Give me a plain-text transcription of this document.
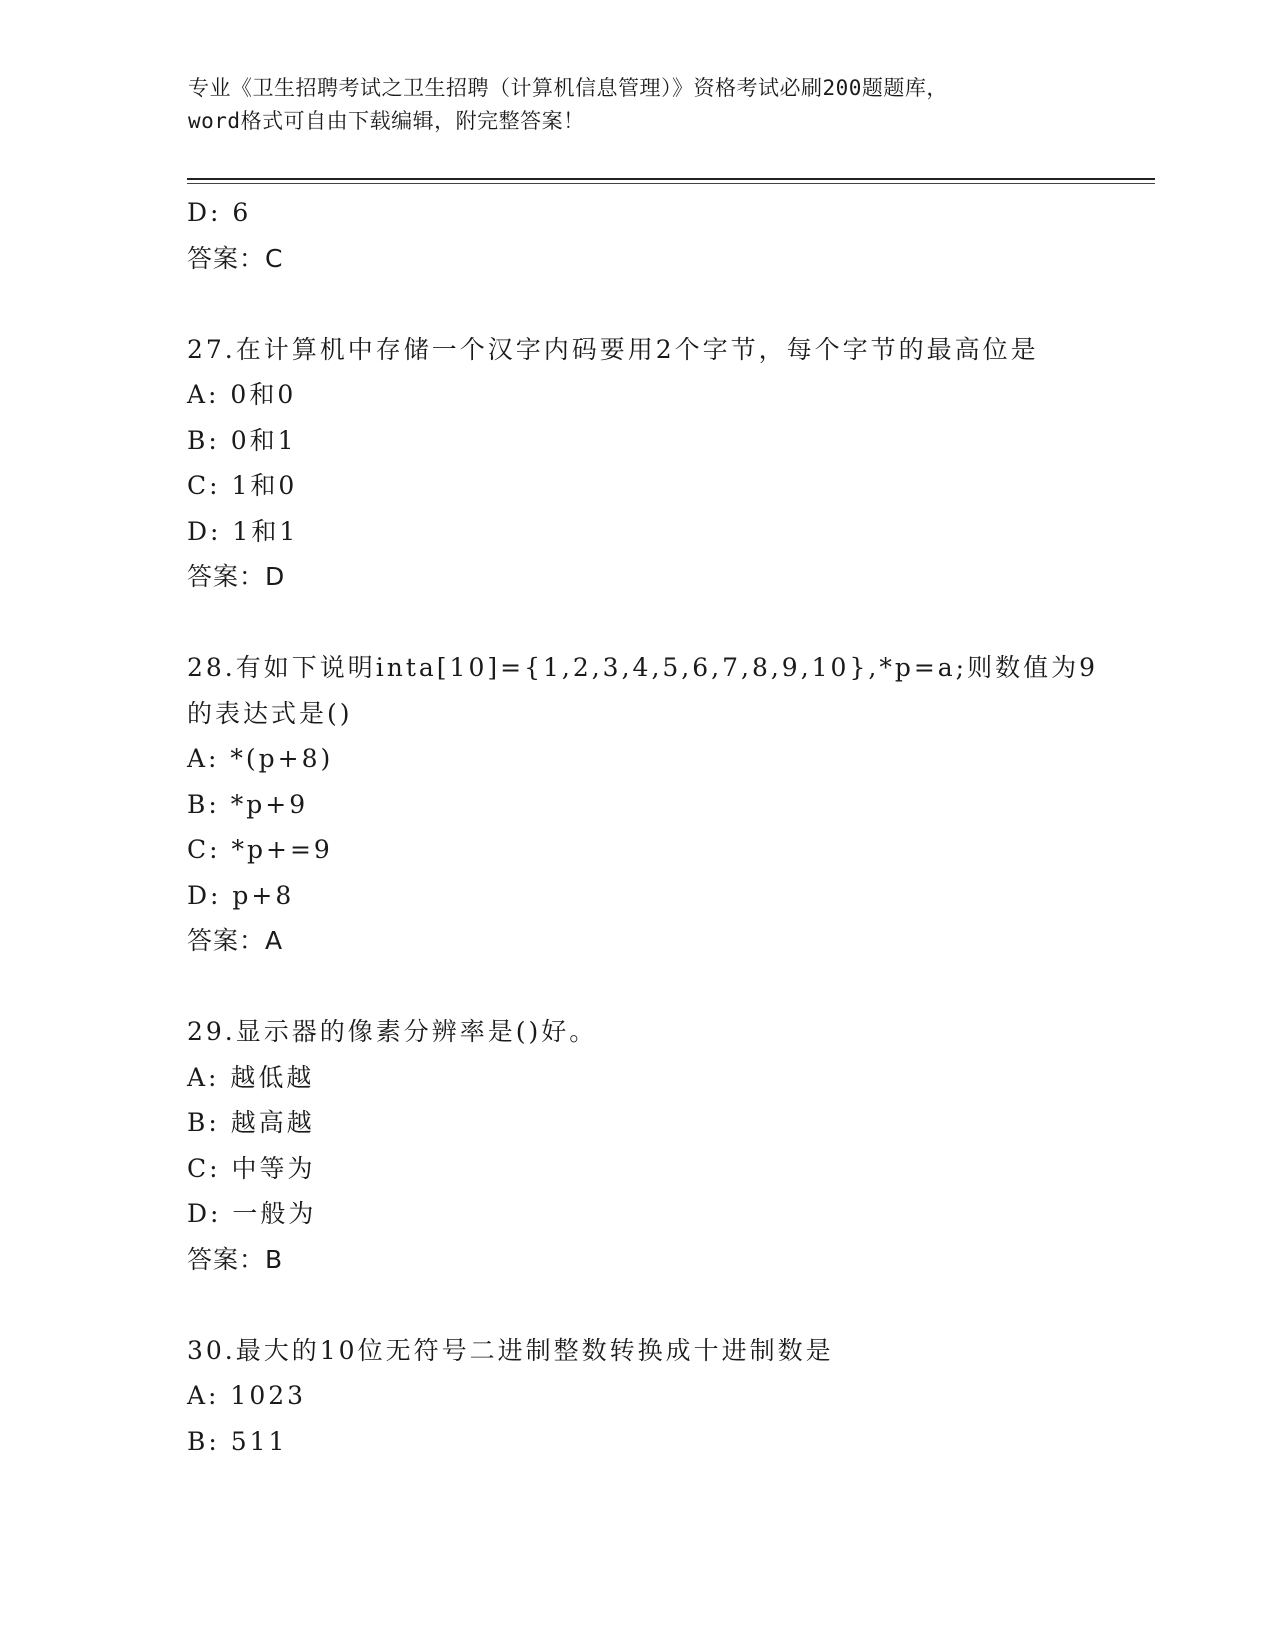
专业《卫生招聘考试之卫生招聘（计算机信息管理）》资格考试必刷200题题库，
word格式可自由下载编辑，附完整答案！
D: 6
答案：C
27.在计算机中存储一个汉字内码要用2个字节，每个字节的最高位是
A: 0和0
B: 0和1
C: 1和0
D: 1和1
答案：D
28.有如下说明inta[10]={1,2,3,4,5,6,7,8,9,10},*p=a;则数值为9
的表达式是()
A: *(p+8)
B: *p+9
C: *p+=9
D: p+8
答案：A
29.显示器的像素分辨率是()好。
A: 越低越
B: 越高越
C: 中等为
D: 一般为
答案：B
30.最大的10位无符号二进制整数转换成十进制数是
A: 1023
B: 511
